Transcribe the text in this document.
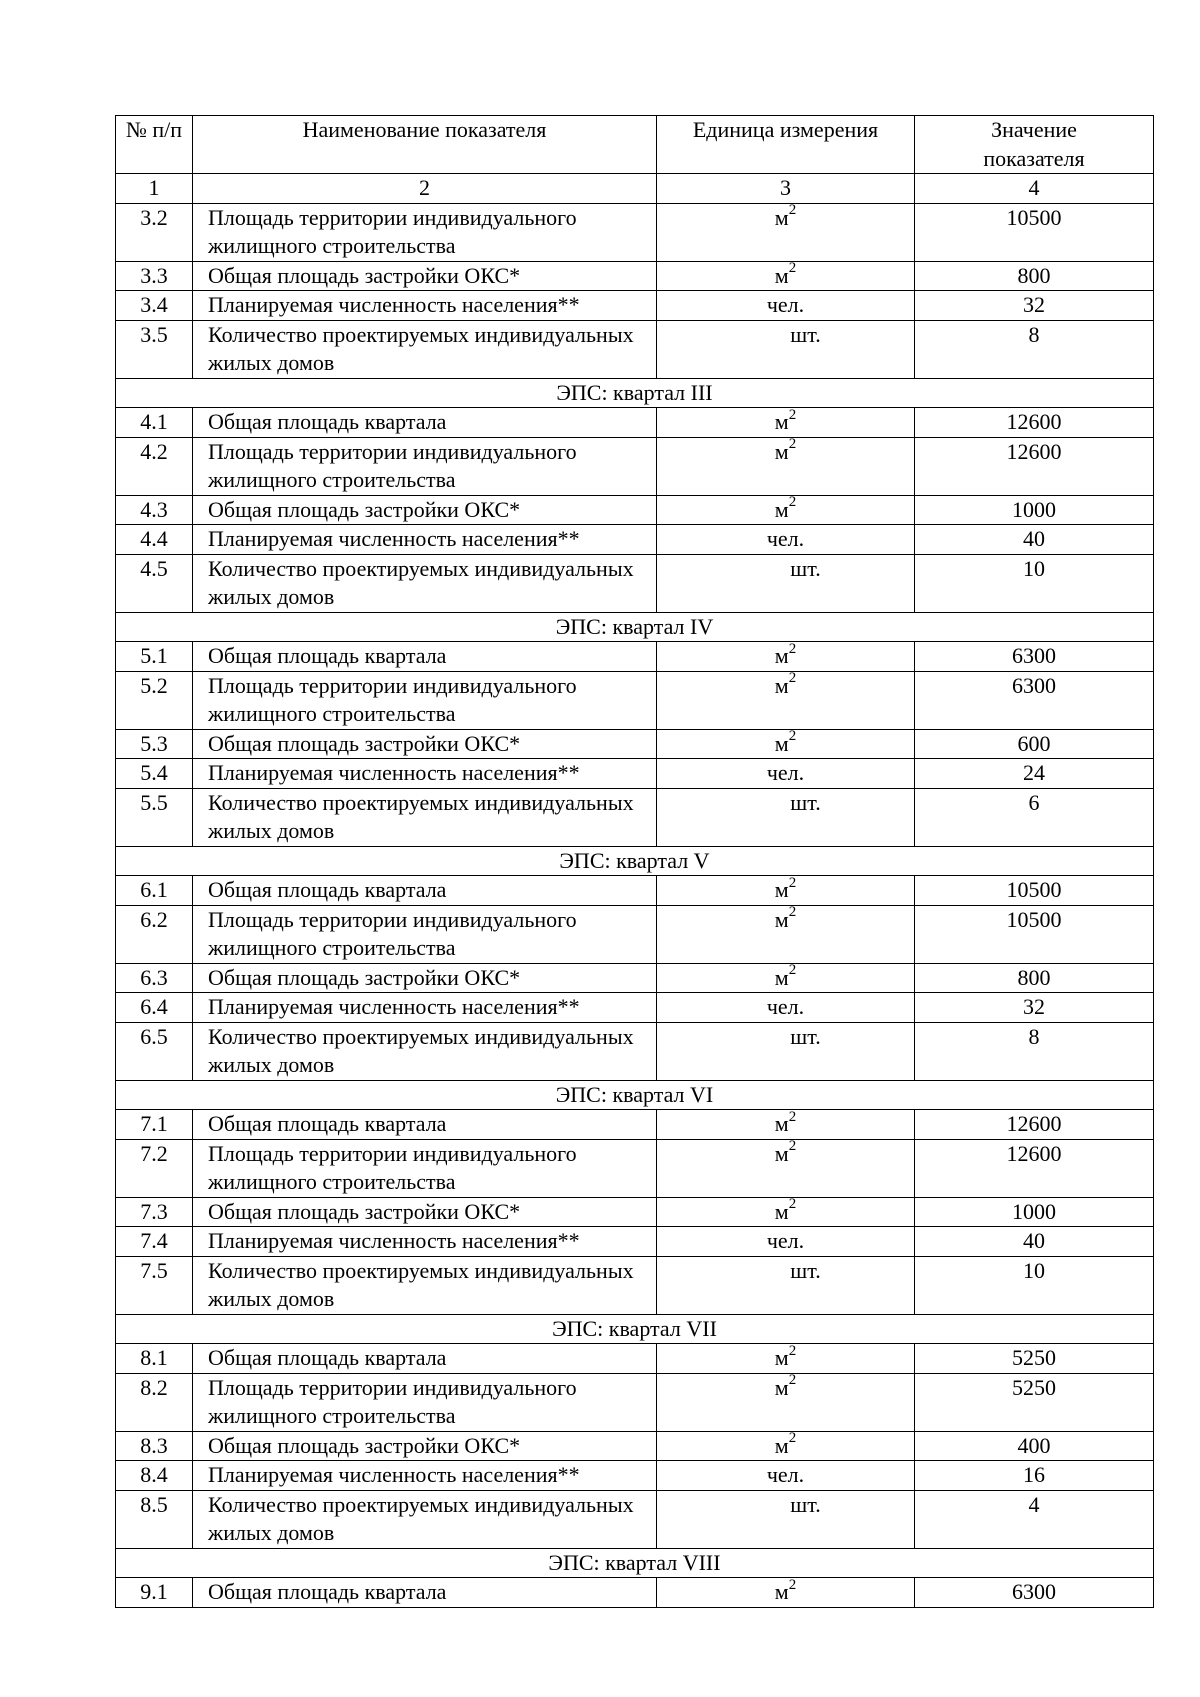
№ п/п	Наименование показателя	Единица измерения	Значение показателя
1	2	3	4
3.2	Площадь территории индивидуального жилищного строительства	$м^2$	10500
3.3	Общая площадь застройки ОКС*	$м^2$	800
3.4	Планируемая численность населения**	чел.	32
3.5	Количество проектируемых индивидуальных жилых домов	шт.	8
ЭПС: квартал III			
4.1	Общая площадь квартала	$м^2$	12600
4.2	Площадь территории индивидуального жилищного строительства	$м^2$	12600
4.3	Общая площадь застройки ОКС*	$м^2$	1000
4.4	Планируемая численность населения**	чел.	40
4.5	Количество проектируемых индивидуальных жилых домов	шт.	10
ЭПС: квартал IV			
5.1	Общая площадь квартала	$м^2$	6300
5.2	Площадь территории индивидуального жилищного строительства	$м^2$	6300
5.3	Общая площадь застройки ОКС*	$м^2$	600
5.4	Планируемая численность населения**	чел.	24
5.5	Количество проектируемых индивидуальных жилых домов	шт.	6
ЭПС: квартал V			
6.1	Общая площадь квартала	$м^2$	10500
6.2	Площадь территории индивидуального жилищного строительства	$м^2$	10500
6.3	Общая площадь застройки ОКС*	$м^2$	800
6.4	Планируемая численность населения**	чел.	32
6.5	Количество проектируемых индивидуальных жилых домов	шт.	8
ЭПС: квартал VI			
7.1	Общая площадь квартала	$м^2$	12600
7.2	Площадь территории индивидуального жилищного строительства	$м^2$	12600
7.3	Общая площадь застройки ОКС*	$м^2$	1000
7.4	Планируемая численность населения**	чел.	40
7.5	Количество проектируемых индивидуальных жилых домов	шт.	10
ЭПС: квартал VII			
8.1	Общая площадь квартала	$м^2$	5250
8.2	Площадь территории индивидуального жилищного строительства	$м^2$	5250
8.3	Общая площадь застройки ОКС*	$м^2$	400
8.4	Планируемая численность населения**	чел.	16
8.5	Количество проектируемых индивидуальных жилых домов	шт.	4
ЭПС: квартал VIII			
9.1	Общая площадь квартала	$м^2$	6300
